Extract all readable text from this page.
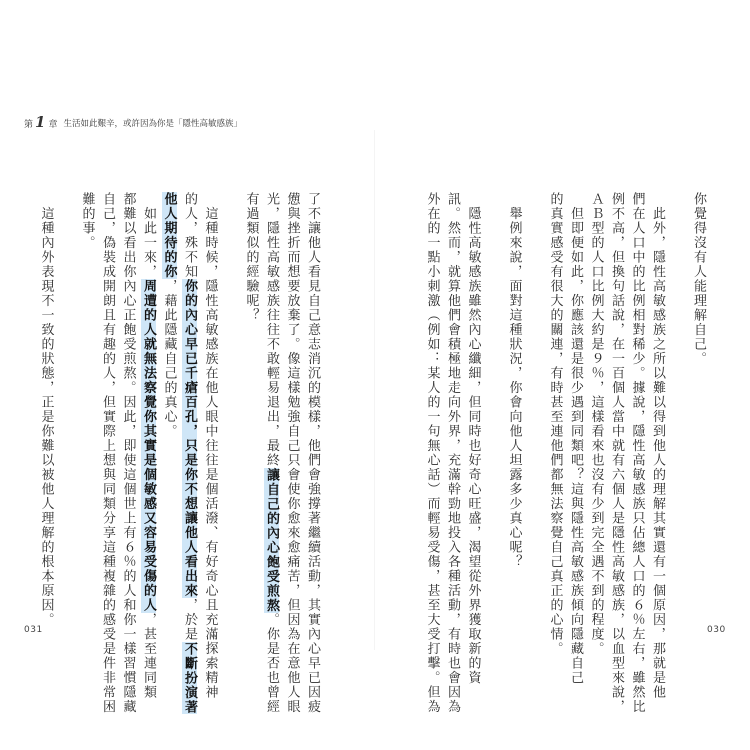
第 1 章 生活如此艱辛，或許因為你是「隱性高敏感族」
了不讓他人看見自己意志消沉的模樣，他們會強撐著繼續活動，其實內心早已因疲
憊與挫折而想要放棄了。像這樣勉強自己只會使你愈來愈痛苦，但因為在意他人眼
光，隱性高敏感族往往不敢輕易退出，最終讓自己的內心飽受煎熬。你是否也曾經
有過類似的經驗呢？
　這種時候，隱性高敏感族在他人眼中往往是個活潑、有好奇心且充滿探索精神
的人，殊不知你的內心早已千瘡百孔，只是你不想讓他人看出來，於是不斷扮演著
他人期待的你，藉此隱藏自己的真心。
　如此一來，周遭的人就無法察覺你其實是個敏感又容易受傷的人，甚至連同類
都難以看出你內心正飽受煎熬。因此，即使這個世上有６％的人和你一樣習慣隱藏
自己，偽裝成開朗且有趣的人，但實際上想與同類分享這種複雜的感受是件非常困
難的事。
　這種內外表現不一致的狀態，正是你難以被他人理解的根本原因。	你覺得沒有人能理解自己。
　此外，隱性高敏感族之所以難以得到他人的理解其實還有一個原因，那就是他
們在人口中的比例相對稀少。據說，隱性高敏感族只佔總人口的６％左右，雖然比
例不高，但換句話說，在一百個人當中就有六個人是隱性高敏感族，以血型來說，
ＡＢ型的人口比例大約是９％，這樣看來也沒有少到完全遇不到的程度。
　但即便如此，你應該還是很少遇到同類吧？這與隱性高敏感族傾向隱藏自己
的真實感受有很大的關連，有時甚至連他們都無法察覺自己真正的心情。
　舉例來說，面對這種狀況，你會向他人坦露多少真心呢？
　隱性高敏感族雖然內心纖細，但同時也好奇心旺盛，渴望從外界獲取新的資
訊。然而，就算他們會積極地走向外界，充滿幹勁地投入各種活動，有時也會因為
外在的一點小刺激（例如：某人的一句無心話）而輕易受傷，甚至大受打擊。但為
031	030
